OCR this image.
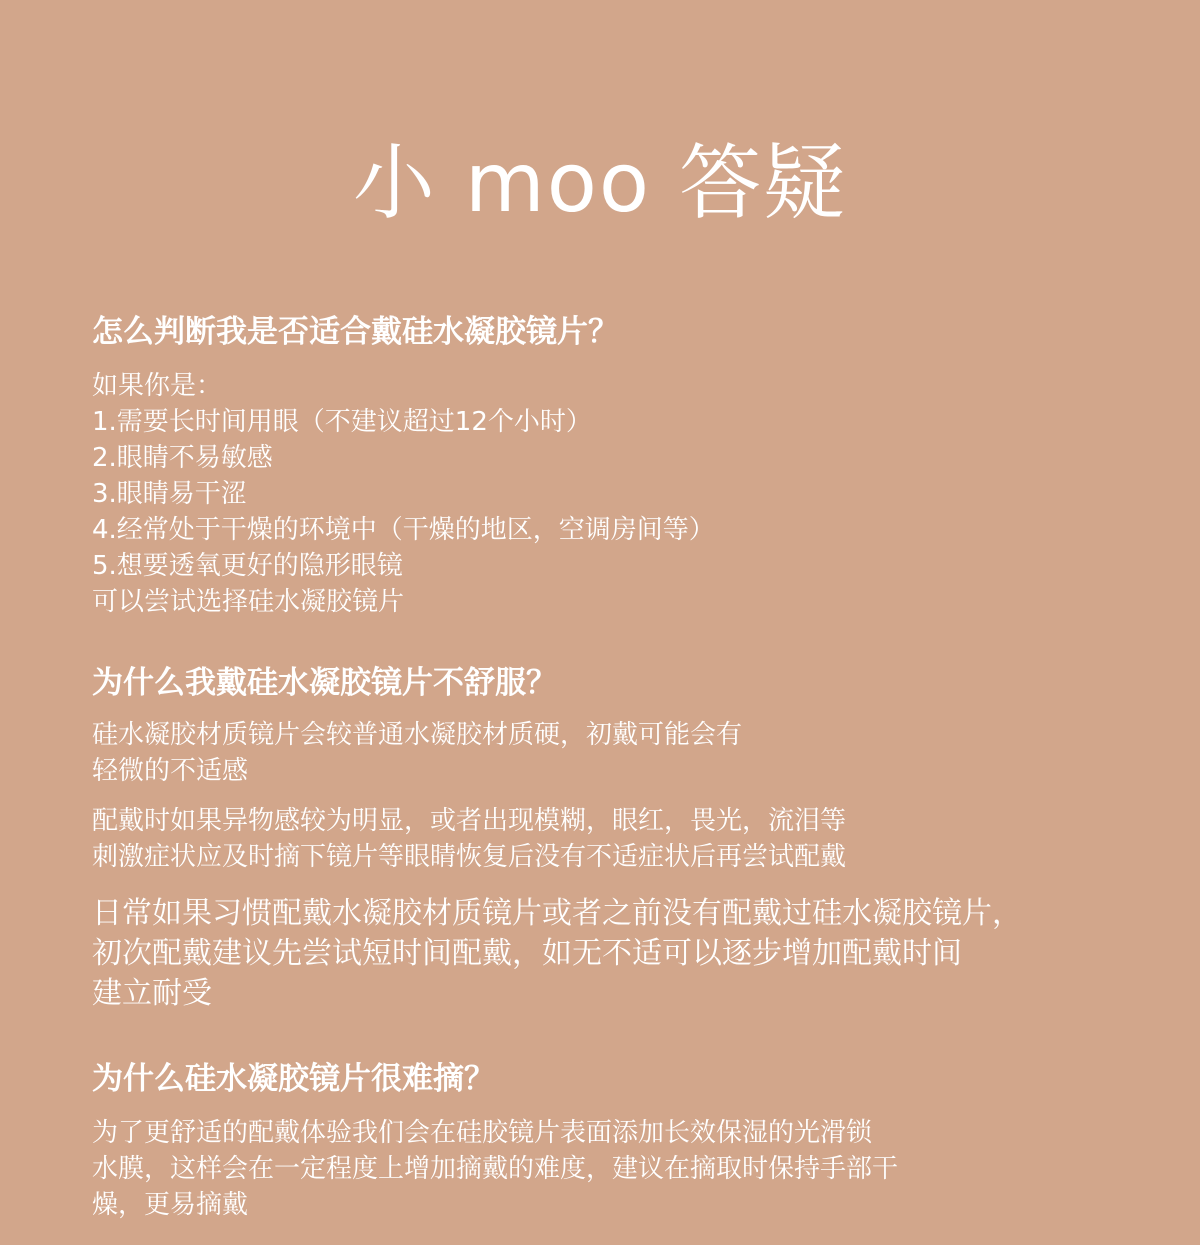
小 moo 答疑
怎么判断我是否适合戴硅水凝胶镜片？
如果你是：
1.需要长时间用眼（不建议超过12个小时）
2.眼睛不易敏感
3.眼睛易干涩
4.经常处于干燥的环境中（干燥的地区，空调房间等）
5.想要透氧更好的隐形眼镜
可以尝试选择硅水凝胶镜片
为什么我戴硅水凝胶镜片不舒服？
硅水凝胶材质镜片会较普通水凝胶材质硬，初戴可能会有
轻微的不适感
配戴时如果异物感较为明显，或者出现模糊，眼红，畏光，流泪等
刺激症状应及时摘下镜片等眼睛恢复后没有不适症状后再尝试配戴
日常如果习惯配戴水凝胶材质镜片或者之前没有配戴过硅水凝胶镜片，
初次配戴建议先尝试短时间配戴，如无不适可以逐步增加配戴时间
建立耐受
为什么硅水凝胶镜片很难摘？
为了更舒适的配戴体验我们会在硅胶镜片表面添加长效保湿的光滑锁
水膜，这样会在一定程度上增加摘戴的难度，建议在摘取时保持手部干
燥，更易摘戴
